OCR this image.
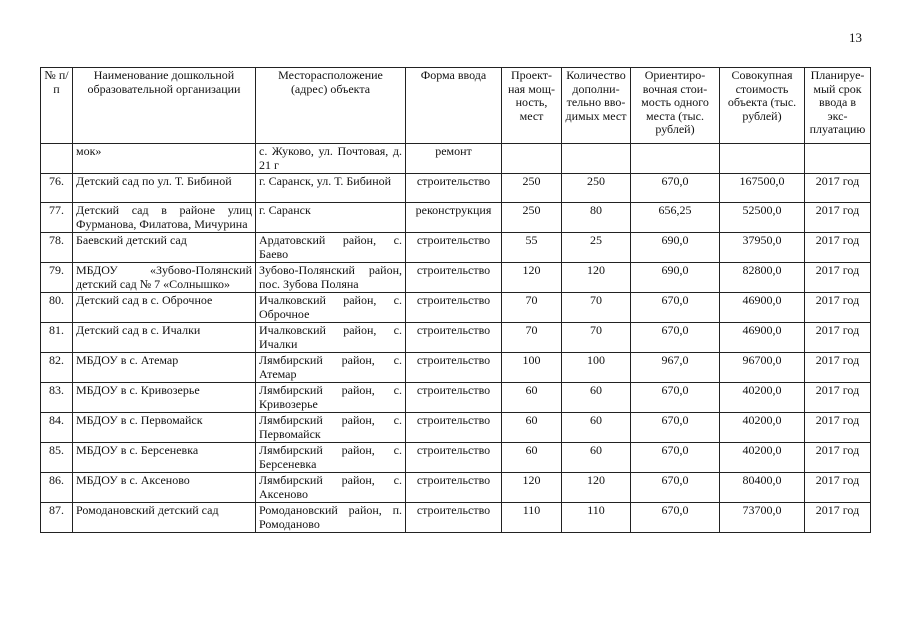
13
№ п/п	Наименование дошкольной образовательной организации	Месторасположение (адрес) объекта	Форма ввода	Проект-ная мощ-ность, мест	Количество дополни-тельно вво-димых мест	Ориентиро-вочная стои-мость одного места (тыс. рублей)	Совокупная стоимость объекта (тыс. рублей)	Планируе-мый срок ввода в экс-плуатацию
	мок»	с. Жуково, ул. Почтовая, д. 21 г	ремонт					
76.	Детский сад по ул. Т. Бибиной	г. Саранск, ул. Т. Бибиной	строительство	250	250	670,0	167500,0	2017 год
77.	Детский сад в районе улиц Фурманова, Филатова, Мичурина	г. Саранск	реконструкция	250	80	656,25	52500,0	2017 год
78.	Баевский детский сад	Ардатовский район, с. Баево	строительство	55	25	690,0	37950,0	2017 год
79.	МБДОУ «Зубово-Полянский детский сад № 7 «Солнышко»	Зубово-Полянский район, пос. Зубова Поляна	строительство	120	120	690,0	82800,0	2017 год
80.	Детский сад в с. Оброчное	Ичалковский район, с. Оброчное	строительство	70	70	670,0	46900,0	2017 год
81.	Детский сад в с. Ичалки	Ичалковский район, с. Ичалки	строительство	70	70	670,0	46900,0	2017 год
82.	МБДОУ в с. Атемар	Лямбирский район, с. Атемар	строительство	100	100	967,0	96700,0	2017 год
83.	МБДОУ в с. Кривозерье	Лямбирский район, с. Кривозерье	строительство	60	60	670,0	40200,0	2017 год
84.	МБДОУ в с. Первомайск	Лямбирский район, с. Первомайск	строительство	60	60	670,0	40200,0	2017 год
85.	МБДОУ в с. Берсеневка	Лямбирский район, с. Берсеневка	строительство	60	60	670,0	40200,0	2017 год
86.	МБДОУ в с. Аксеново	Лямбирский район, с. Аксеново	строительство	120	120	670,0	80400,0	2017 год
87.	Ромодановский детский сад	Ромодановский район, п. Ромоданово	строительство	110	110	670,0	73700,0	2017 год
